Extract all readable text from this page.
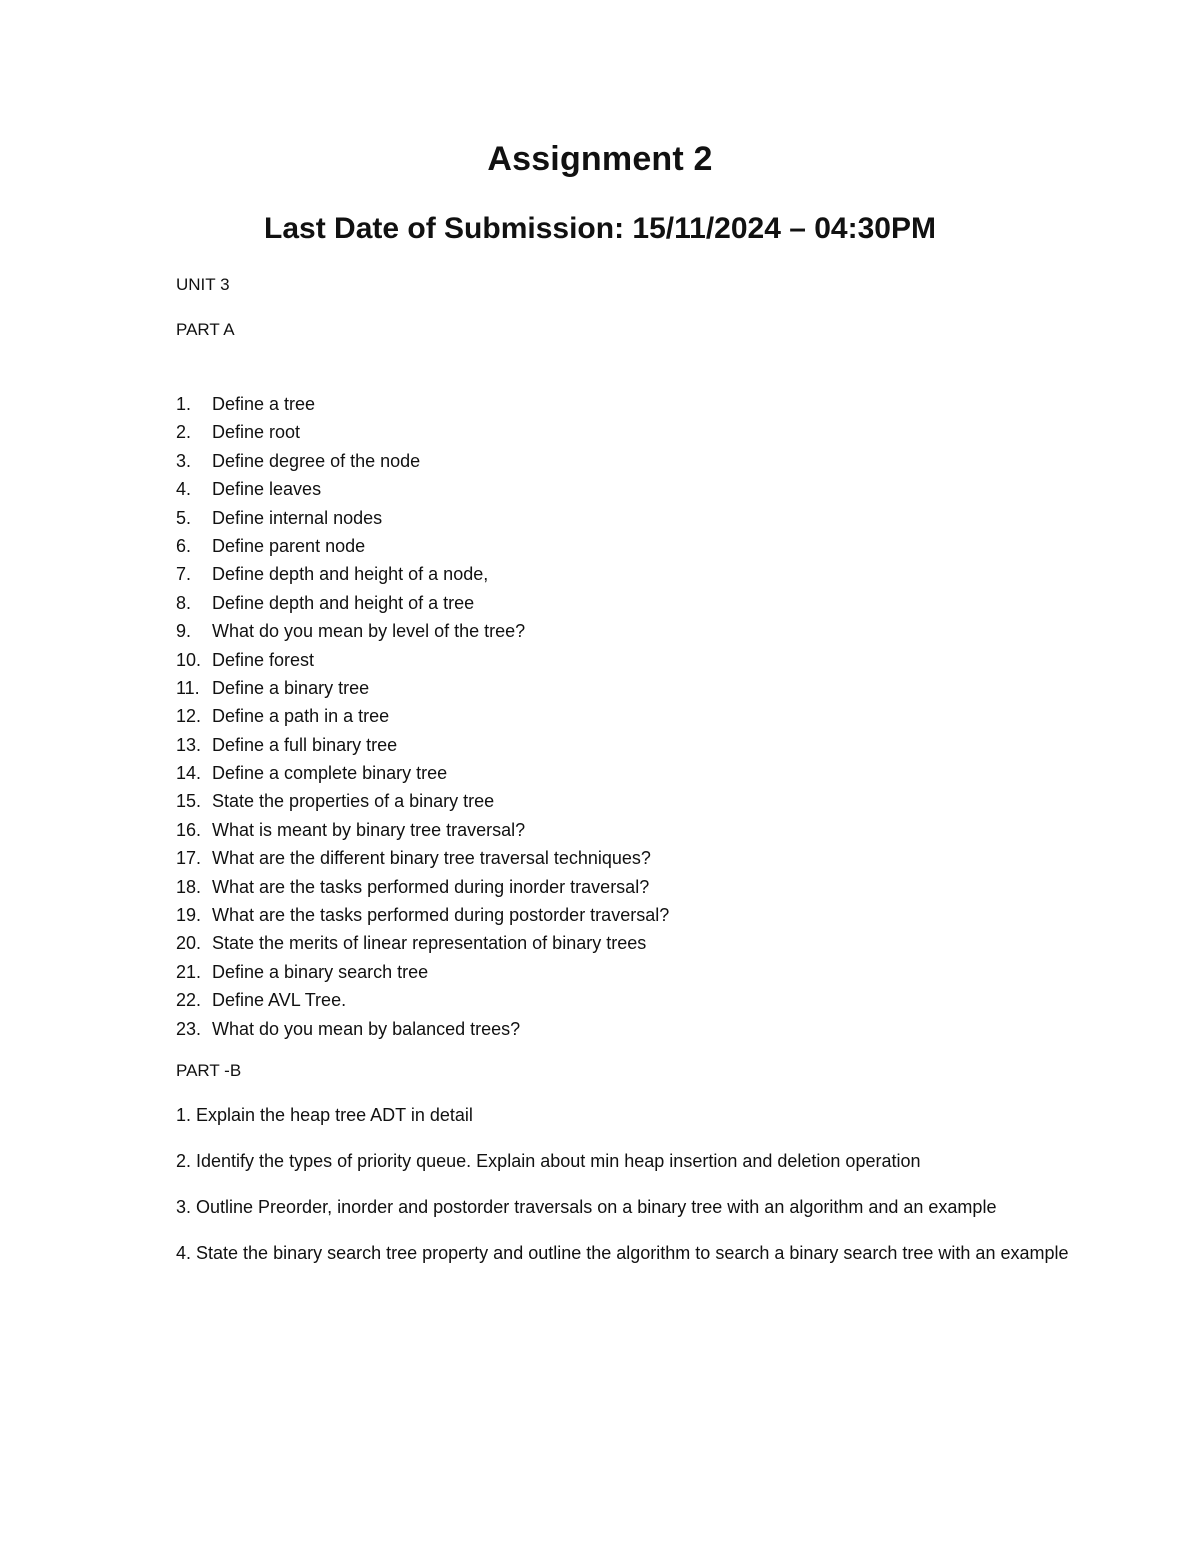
Assignment 2
Last Date of Submission: 15/11/2024 – 04:30PM
UNIT 3
PART A
1. Define a tree
2. Define root
3. Define degree of the node
4. Define leaves
5. Define internal nodes
6. Define parent node
7. Define depth and height of a node,
8. Define depth and height of a tree
9. What do you mean by level of the tree?
10. Define forest
11. Define a binary tree
12. Define a path in a tree
13. Define a full binary tree
14. Define a complete binary tree
15. State the properties of a binary tree
16. What is meant by binary tree traversal?
17. What are the different binary tree traversal techniques?
18. What are the tasks performed during inorder traversal?
19. What are the tasks performed during postorder traversal?
20. State the merits of linear representation of binary trees
21. Define a binary search tree
22. Define AVL Tree.
23. What do you mean by balanced trees?
PART -B

1. Explain the heap tree ADT in detail

2. Identify the types of priority queue. Explain about min heap insertion and deletion operation

3. Outline Preorder, inorder and postorder traversals on a binary tree with an algorithm and an example

4. State the binary search tree property and outline the algorithm to search a binary search tree with an example
